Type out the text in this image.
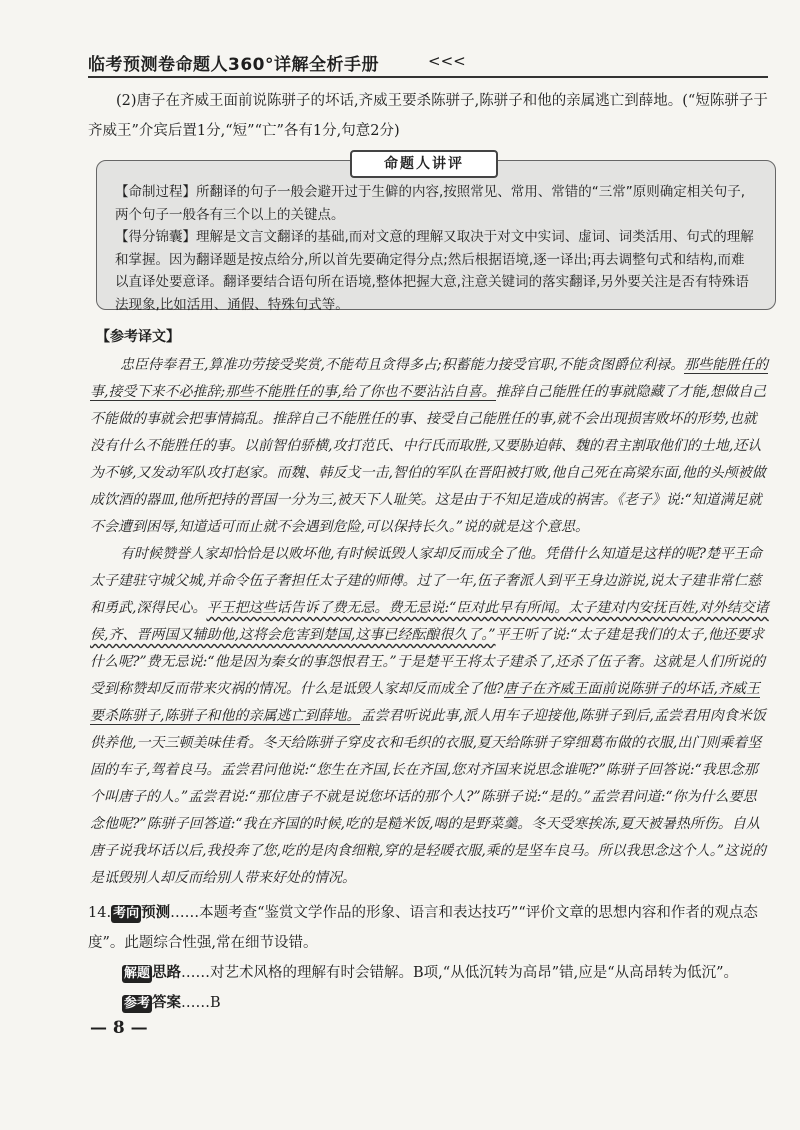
临考预测卷命题人360°详解全析手册	<<<

(2)唐子在齐威王面前说陈骈子的坏话,齐威王要杀陈骈子,陈骈子和他的亲属逃亡到薛地。(“短陈骈子于齐威王”介宾后置1分,“短”“亡”各有1分,句意2分)

【命制过程】所翻译的句子一般会避开过于生僻的内容,按照常见、常用、常错的“三常”原则确定相关句子,两个句子一般各有三个以上的关键点。

【得分锦囊】理解是文言文翻译的基础,而对文意的理解又取决于对文中实词、虚词、词类活用、句式的理解和掌握。因为翻译题是按点给分,所以首先要确定得分点;然后根据语境,逐一译出;再去调整句式和结构,而难以直译处要意译。翻译要结合语句所在语境,整体把握大意,注意关键词的落实翻译,另外要关注是否有特殊语法现象,比如活用、通假、特殊句式等。

命题人讲评
【参考译文】

忠臣侍奉君王,算准功劳接受奖赏,不能苟且贪得多占;积蓄能力接受官职,不能贪图爵位利禄。那些能胜任的事,接受下来不必推辞;那些不能胜任的事,给了你也不要沾沾自喜。推辞自己能胜任的事就隐藏了才能,想做自己不能做的事就会把事情搞乱。推辞自己不能胜任的事、接受自己能胜任的事,就不会出现损害败坏的形势,也就没有什么不能胜任的事。以前智伯骄横,攻打范氏、中行氏而取胜,又要胁迫韩、魏的君主割取他们的土地,还认为不够,又发动军队攻打赵家。而魏、韩反戈一击,智伯的军队在晋阳被打败,他自己死在高梁东面,他的头颅被做成饮酒的器皿,他所把持的晋国一分为三,被天下人耻笑。这是由于不知足造成的祸害。《老子》说:“知道满足就不会遭到困辱,知道适可而止就不会遇到危险,可以保持长久。”说的就是这个意思。

有时候赞誉人家却恰恰是以败坏他,有时候诋毁人家却反而成全了他。凭借什么知道是这样的呢?楚平王命太子建驻守城父城,并命令伍子奢担任太子建的师傅。过了一年,伍子奢派人到平王身边游说,说太子建非常仁慈和勇武,深得民心。平王把这些话告诉了费无忌。费无忌说:“臣对此早有所闻。太子建对内安抚百姓,对外结交诸侯,齐、晋两国又辅助他,这将会危害到楚国,这事已经酝酿很久了。”平王听了说:“太子建是我们的太子,他还要求什么呢?”费无忌说:“他是因为秦女的事怨恨君王。”于是楚平王将太子建杀了,还杀了伍子奢。这就是人们所说的受到称赞却反而带来灾祸的情况。什么是诋毁人家却反而成全了他?唐子在齐威王面前说陈骈子的坏话,齐威王要杀陈骈子,陈骈子和他的亲属逃亡到薛地。孟尝君听说此事,派人用车子迎接他,陈骈子到后,孟尝君用肉食米饭供养他,一天三顿美味佳肴。冬天给陈骈子穿皮衣和毛织的衣服,夏天给陈骈子穿细葛布做的衣服,出门则乘着坚固的车子,驾着良马。孟尝君问他说:“您生在齐国,长在齐国,您对齐国来说思念谁呢?”陈骈子回答说:“我思念那个叫唐子的人。”孟尝君说:“那位唐子不就是说您坏话的那个人?”陈骈子说:“是的。”孟尝君问道:“你为什么要思念他呢?”陈骈子回答道:“我在齐国的时候,吃的是糙米饭,喝的是野菜羹。冬天受寒挨冻,夏天被暑热所伤。自从唐子说我坏话以后,我投奔了您,吃的是肉食细粮,穿的是轻暖衣服,乘的是坚车良马。所以我思念这个人。”这说的是诋毁别人却反而给别人带来好处的情况。

14. 考向 预测……本题考查“鉴赏文学作品的形象、语言和表达技巧”“评价文章的思想内容和作者的观点态度”。此题综合性强,常在细节设错。

解题 思路……对艺术风格的理解有时会错解。B项,“从低沉转为高昂”错,应是“从高昂转为低沉”。

参考 答案……B

— 8 —
